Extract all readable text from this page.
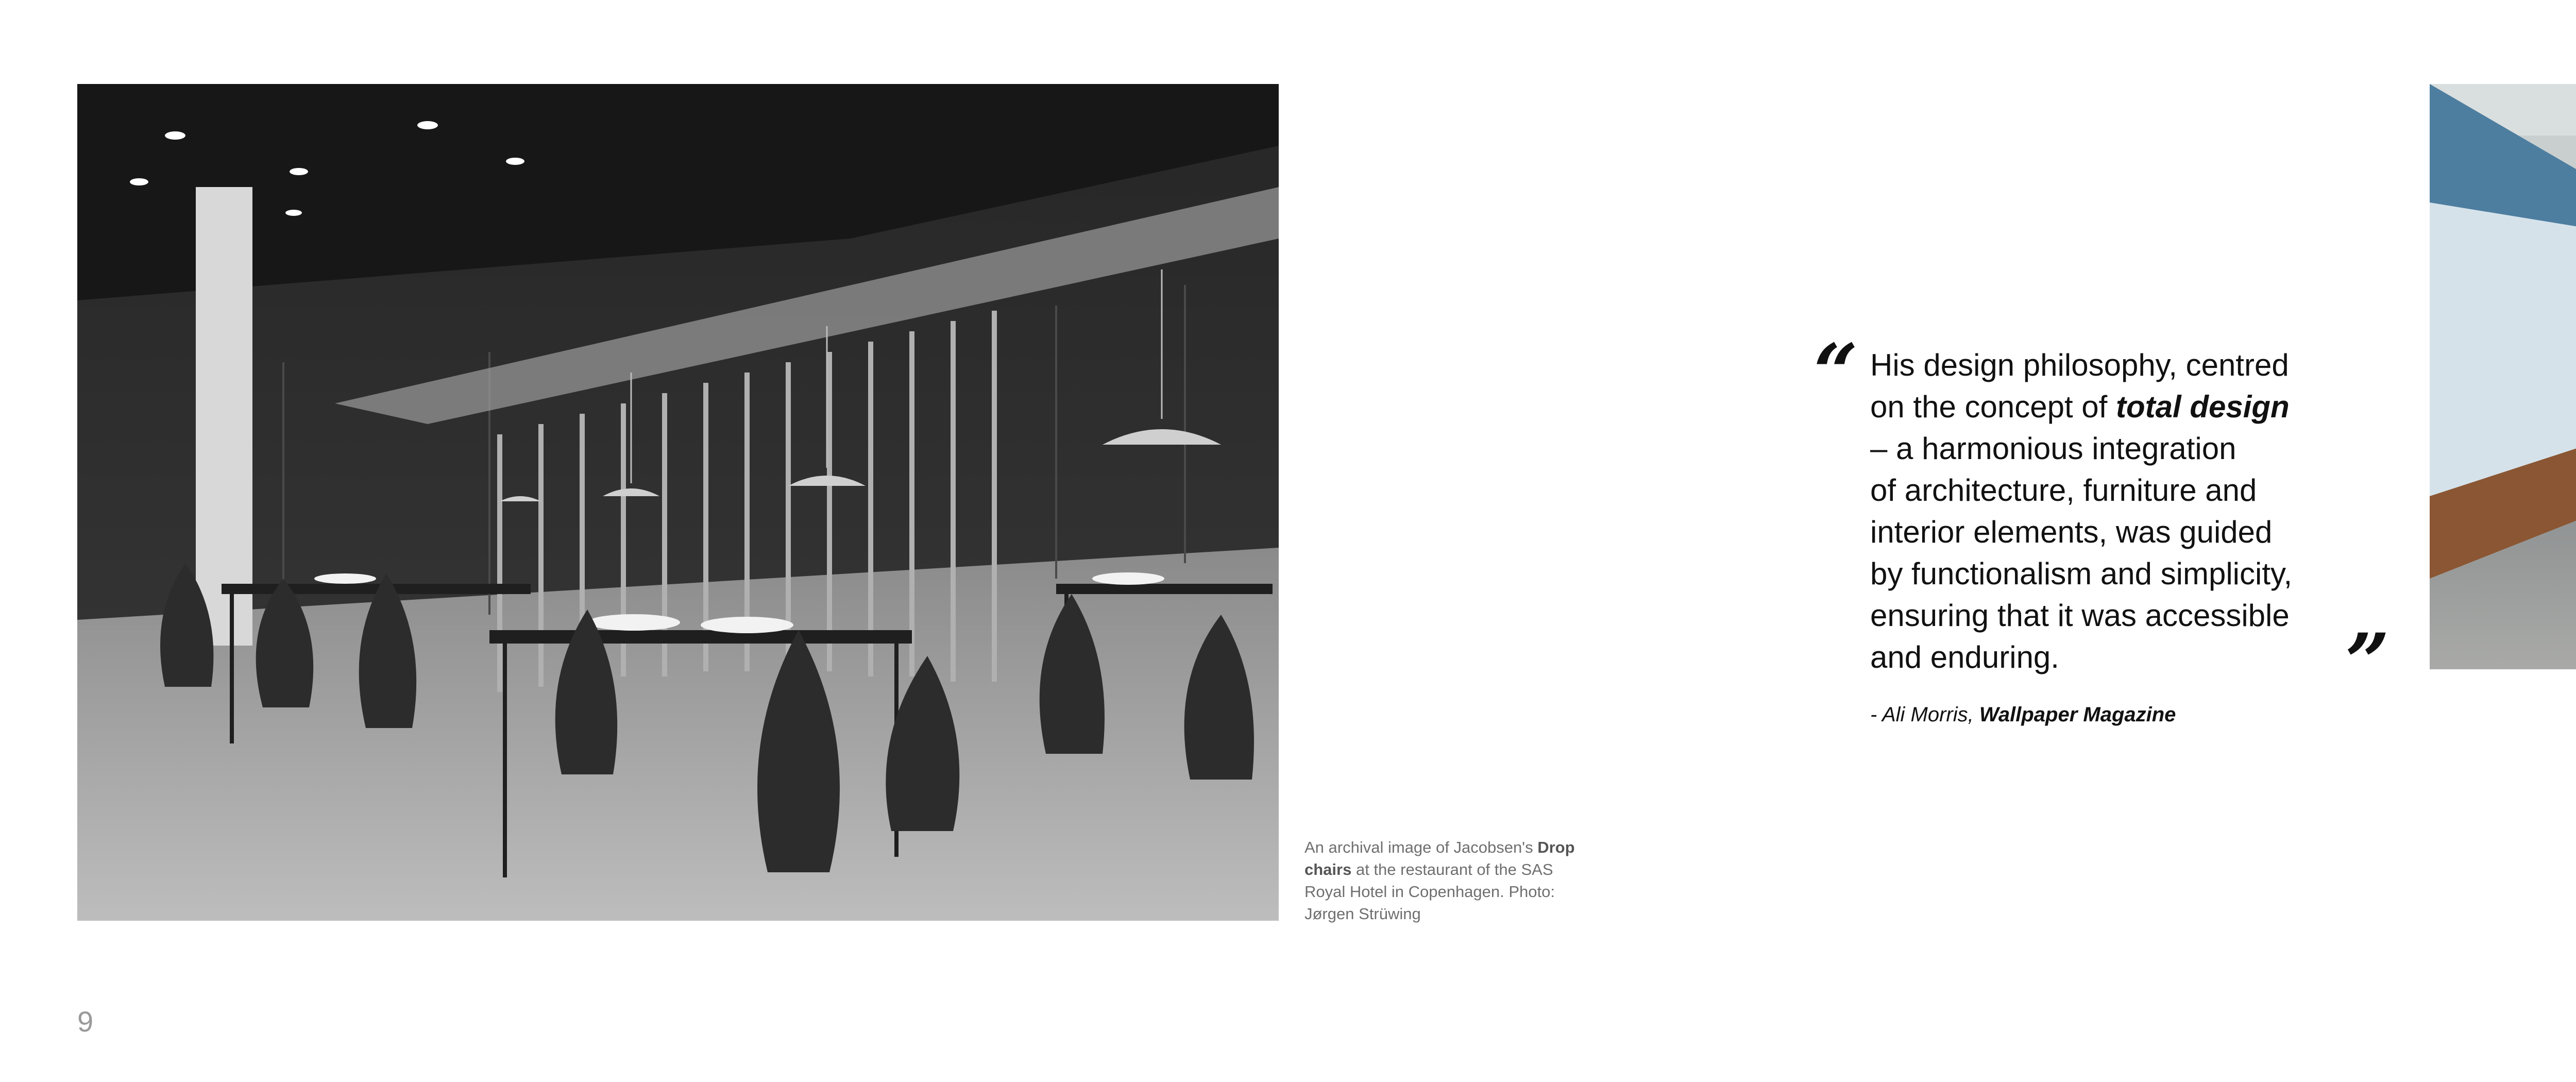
An archival image of Jacobsen's Drop chairs at the restaurant of the SAS Royal Hotel in Copenhagen. Photo: Jørgen Strüwing
“ His design philosophy, centred
on the concept of total design
– a harmonious integration
of architecture, furniture and
interior elements, was guided
by functionalism and simplicity,
ensuring that it was accessible
and enduring.	”
- Ali Morris, Wallpaper Magazine
9
